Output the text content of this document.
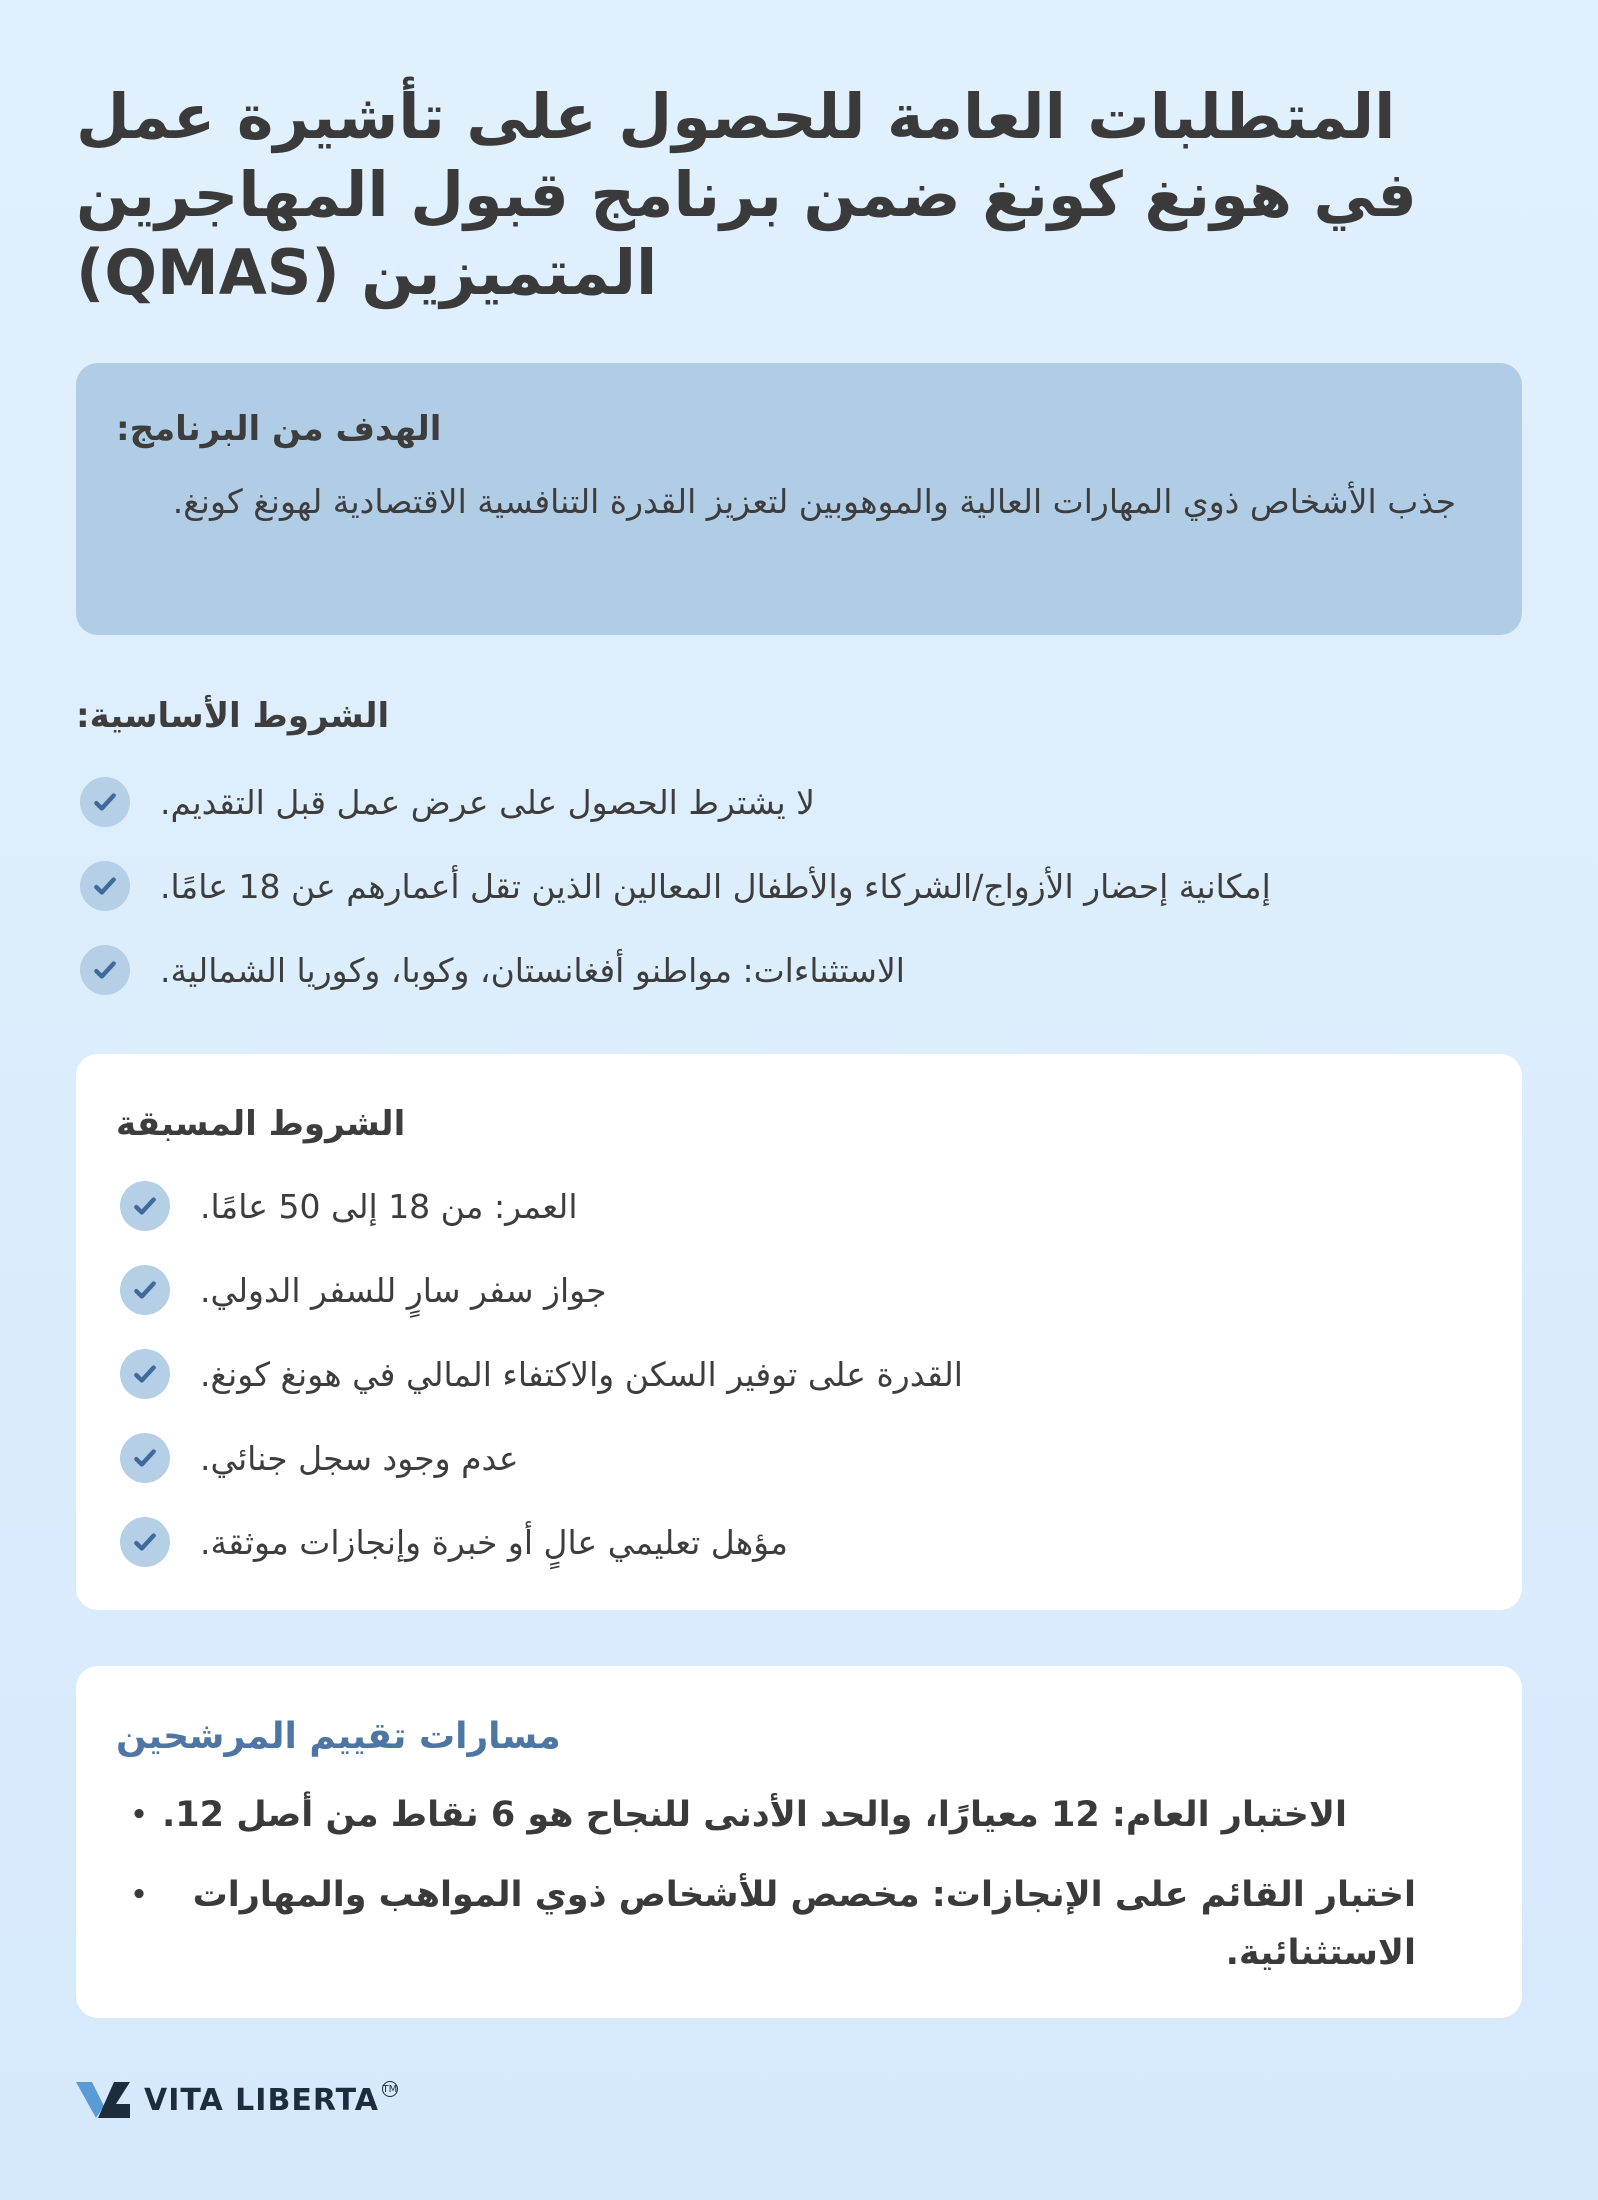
المتطلبات العامة للحصول على تأشيرة عمل في هونغ كونغ ضمن برنامج قبول المهاجرين المتميزين (QMAS)
الهدف من البرنامج:
جذب الأشخاص ذوي المهارات العالية والموهوبين لتعزيز القدرة التنافسية الاقتصادية لهونغ كونغ.
الشروط الأساسية:
لا يشترط الحصول على عرض عمل قبل التقديم.
إمكانية إحضار الأزواج/الشركاء والأطفال المعالين الذين تقل أعمارهم عن 18 عامًا.
الاستثناءات: مواطنو أفغانستان، وكوبا، وكوريا الشمالية.
الشروط المسبقة
العمر: من 18 إلى 50 عامًا.
جواز سفر سارٍ للسفر الدولي.
القدرة على توفير السكن والاكتفاء المالي في هونغ كونغ.
عدم وجود سجل جنائي.
مؤهل تعليمي عالٍ أو خبرة وإنجازات موثقة.
مسارات تقييم المرشحين
• الاختبار العام: 12 معيارًا، والحد الأدنى للنجاح هو 6 نقاط من أصل 12.
•	اختبار القائم على الإنجازات: مخصص للأشخاص ذوي المواهب والمهارات الاستثنائية.
VITA LIBERTA TM
